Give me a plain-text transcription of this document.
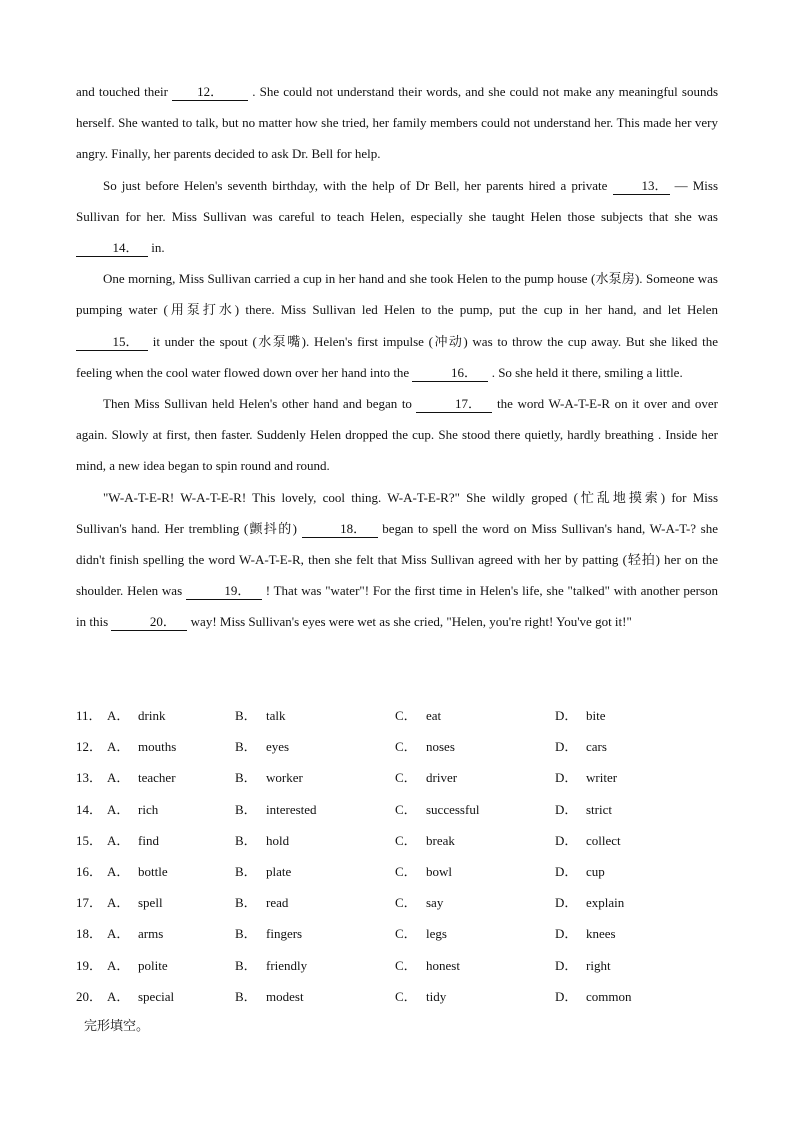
and touched their 12． . She could not understand their words, and she could not make any meaningful sounds herself. She wanted to talk, but no matter how she tried, her family members could not understand her. This made her very angry. Finally, her parents decided to ask Dr. Bell for help.

So just before Helen's seventh birthday, with the help of Dr Bell, her parents hired a private	13． — Miss Sullivan for her. Miss Sullivan was careful to teach Helen, especially she taught Helen those subjects that she was 14． in.

One morning, Miss Sullivan carried a cup in her hand and she took Helen to the pump house (水泵房). Someone was pumping water (用泵打水) there. Miss Sullivan led Helen to the pump, put the cup in her hand, and let Helen 15． it under the spout (水泵嘴). Helen's first impulse (冲动) was to throw the cup away. But she liked the feeling when the cool water flowed down over her hand into the	16． . So she held it there, smiling a little.

Then Miss Sullivan held Helen's other hand and began to	17． the word W-A-T-E-R on it over and over again. Slowly at first, then faster. Suddenly Helen dropped the cup. She stood there quietly, hardly breathing . Inside her mind, a new idea began to spin round and round.

"W-A-T-E-R! W-A-T-E-R! This lovely, cool thing. W-A-T-E-R?" She wildly groped (忙乱地摸索) for Miss Sullivan's hand. Her trembling (颤抖的)	18． began to spell the word on Miss Sullivan's hand, W-A-T-? she didn't finish spelling the word W-A-T-E-R, then she felt that Miss Sullivan agreed with her by patting (轻拍) her on the shoulder. Helen was	19． ! That was "water"! For the first time in Helen's life, she "talked" with another person in this	20． way! Miss Sullivan's eyes were wet as she cried, "Helen, you're right! You've got it!"

11． A． drink	B． talk	C． eat	D． bite
12． A． mouths	B． eyes	C． noses	D． cars
13． A． teacher	B． worker	C． driver	D． writer
14． A． rich	B． interested	C． successful	D． strict
15． A． find	B． hold	C． break	D． collect
16． A． bottle	B． plate	C． bowl	D． cup
17． A． spell	B． read	C． say	D． explain
18． A． arms	B． fingers	C． legs	D． knees
19． A． polite	B． friendly	C． honest	D． right
20． A． special	B． modest	C． tidy	D． common
完形填空。
